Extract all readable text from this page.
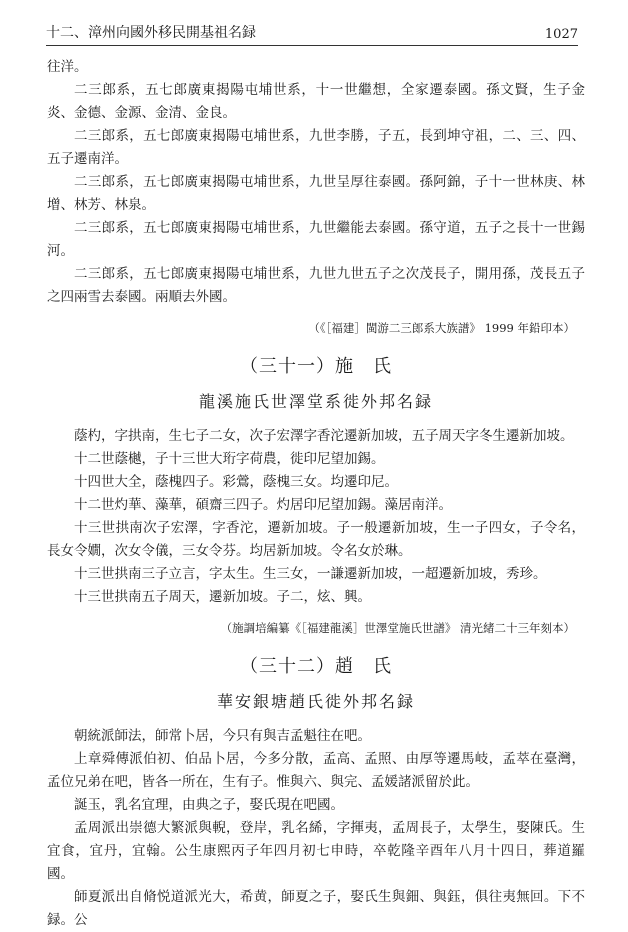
十二、漳州向國外移民開基祖名録	1027

往洋。

二三郎系，五七郎廣東揭陽屯埔世系，十一世繼想，全家遷泰國。孫文賢，生子金炎、金德、金源、金清、金良。

二三郎系，五七郎廣東揭陽屯埔世系，九世李勝，子五，長到坤守祖，二、三、四、五子遷南洋。

二三郎系，五七郎廣東揭陽屯埔世系，九世呈厚往泰國。孫阿錦，子十一世林庚、林增、林芳、林泉。

二三郎系，五七郎廣東揭陽屯埔世系，九世繼能去泰國。孫守道，五子之長十一世錫河。

二三郎系，五七郎廣東揭陽屯埔世系，九世九世五子之次茂長子，開用孫，茂長五子之四兩雪去泰國。兩順去外國。

（《［福建］閩游二三郎系大族譜》 1999 年鉛印本）
（三十一）施　氏
龍溪施氏世澤堂系徙外邦名録

蔭杓，字拱南，生七子二女，次子宏澤字香沱遷新加坡，五子周天字冬生遷新加坡。

十二世蔭樾，子十三世大珩字荷農，徙印尼望加錫。

十四世大全，蔭槐四子。彩鶯，蔭槐三女。均遷印尼。

十二世灼華、藻華，碩齋三四子。灼居印尼望加錫。藻居南洋。

十三世拱南次子宏澤，字香沱，遷新加坡。子一般遷新加坡，生一子四女，子令名，長女令嫺，次女令儀，三女令芬。均居新加坡。令名女於琳。

十三世拱南三子立言，字太生。生三女，一謙遷新加坡，一超遷新加坡，秀珍。

十三世拱南五子周天，遷新加坡。子二，炫、興。

（施調培編纂《［福建龍溪］世澤堂施氏世譜》 清光緒二十三年刻本）
（三十二）趙　氏
華安銀塘趙氏徙外邦名録

朝統派師法，師常卜居，今只有與吉孟魁往在吧。

上章舜傳派伯初、伯品卜居，今多分散，孟高、孟照、由厚等遷馬岐，孟萃在臺灣，孟位兄弟在吧，皆各一所在，生有子。惟與六、與完、孟媛諸派留於此。

誕玉，乳名宜理，由典之子，娶氏現在吧國。

孟周派出崇德大繁派與輗，登岸，乳名絺，字揮夷，孟周長子，太學生，娶陳氏。生宜食，宜丹，宜翰。公生康熙丙子年四月初七申時，卒乾隆辛酉年八月十四日，葬道羅國。

師夏派出自脩悦道派光大，希黄，師夏之子，娶氏生與鈿、與鈺，俱往夷無回。下不録。公
